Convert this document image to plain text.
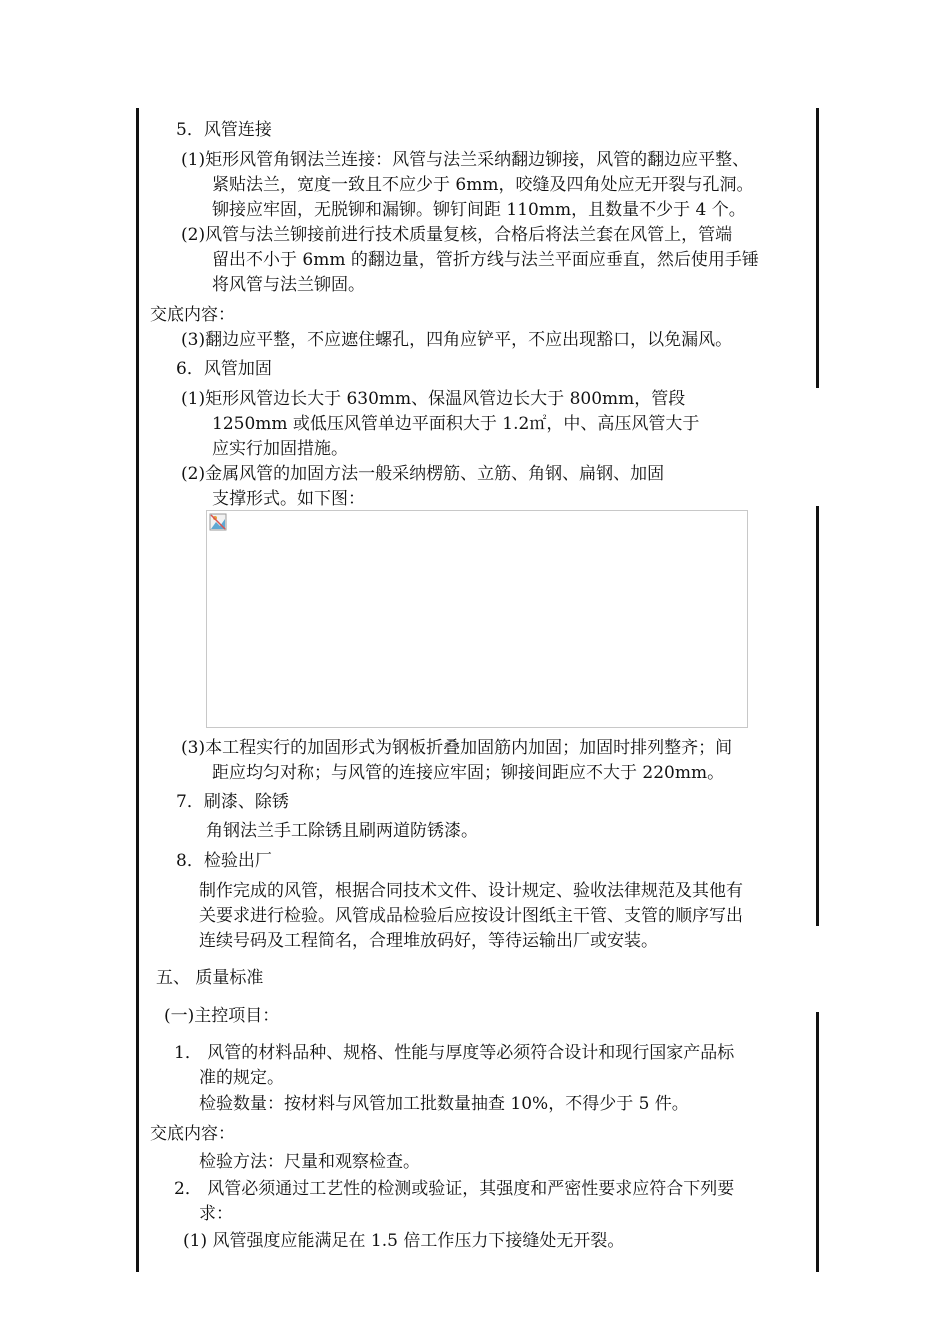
5．风管连接
(1)矩形风管角钢法兰连接：风管与法兰采纳翻边铆接，风管的翻边应平整、
紧贴法兰，宽度一致且不应少于 6mm，咬缝及四角处应无开裂与孔洞。
铆接应牢固，无脱铆和漏铆。铆钉间距 110mm，且数量不少于 4 个。
(2)风管与法兰铆接前进行技术质量复核，合格后将法兰套在风管上，管端
留出不小于 6mm 的翻边量，管折方线与法兰平面应垂直，然后使用手锤
将风管与法兰铆固。
交底内容：
(3)翻边应平整，不应遮住螺孔，四角应铲平，不应出现豁口，以免漏风。
6．风管加固
(1)矩形风管边长大于 630mm、保温风管边长大于 800mm，管段
1250mm 或低压风管单边平面积大于 1.2㎡，中、高压风管大于
应实行加固措施。
(2)金属风管的加固方法一般采纳楞筋、立筋、角钢、扁钢、加固
支撑形式。如下图：
(3)本工程实行的加固形式为钢板折叠加固筋内加固；加固时排列整齐；间
距应均匀对称；与风管的连接应牢固；铆接间距应不大于 220mm。
7．刷漆、除锈
角钢法兰手工除锈且刷两道防锈漆。
8．检验出厂
制作完成的风管，根据合同技术文件、设计规定、验收法律规范及其他有
关要求进行检验。风管成品检验后应按设计图纸主干管、支管的顺序写出
连续号码及工程简名，合理堆放码好，等待运输出厂或安装。
五、 质量标准
(一)主控项目：
1． 风管的材料品种、规格、性能与厚度等必须符合设计和现行国家产品标
准的规定。
检验数量：按材料与风管加工批数量抽查 10%，不得少于 5 件。
交底内容：
检验方法：尺量和观察检查。
2． 风管必须通过工艺性的检测或验证，其强度和严密性要求应符合下列要
求：
(1) 风管强度应能满足在 1.5 倍工作压力下接缝处无开裂。
